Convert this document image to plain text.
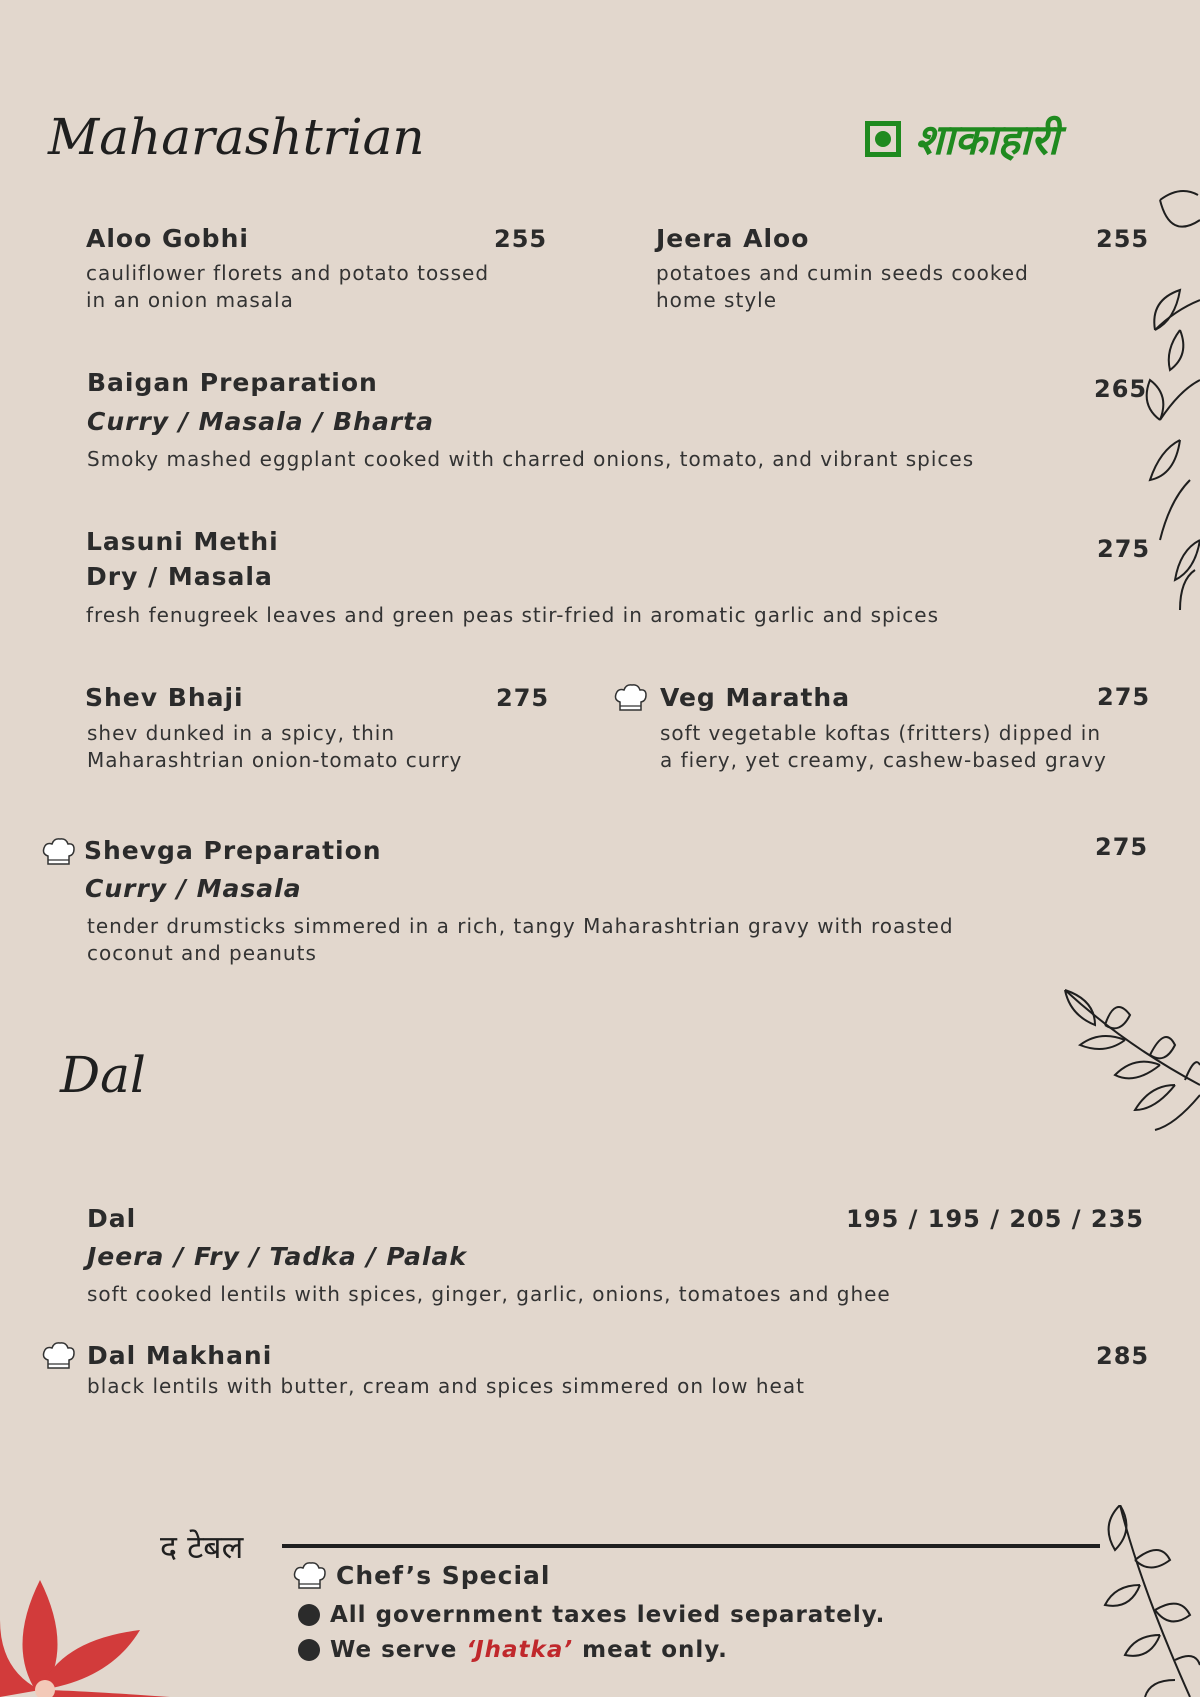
Maharashtrian	शाकाहारी
Aloo Gobhi	255
cauliflower florets and potato tossed
in an onion masala
Jeera Aloo	255
potatoes and cumin seeds cooked
home style
Baigan Preparation	265
Curry / Masala / Bharta
Smoky mashed eggplant cooked with charred onions, tomato, and vibrant spices
Lasuni Methi	275
Dry / Masala
fresh fenugreek leaves and green peas stir-fried in aromatic garlic and spices
Shev Bhaji	275
shev dunked in a spicy, thin
Maharashtrian onion-tomato curry
Veg Maratha	275
soft vegetable koftas (fritters) dipped in
a fiery, yet creamy, cashew-based gravy
Shevga Preparation	275
Curry / Masala
tender drumsticks simmered in a rich, tangy Maharashtrian gravy with roasted
coconut and peanuts
Dal
Dal	195 / 195 / 205 / 235
Jeera / Fry / Tadka / Palak
soft cooked lentils with spices, ginger, garlic, onions, tomatoes and ghee
Dal Makhani	285
black lentils with butter, cream and spices simmered on low heat
द टेबल
Chef’s Special
All government taxes levied separately.
We serve ‘Jhatka’ meat only.
